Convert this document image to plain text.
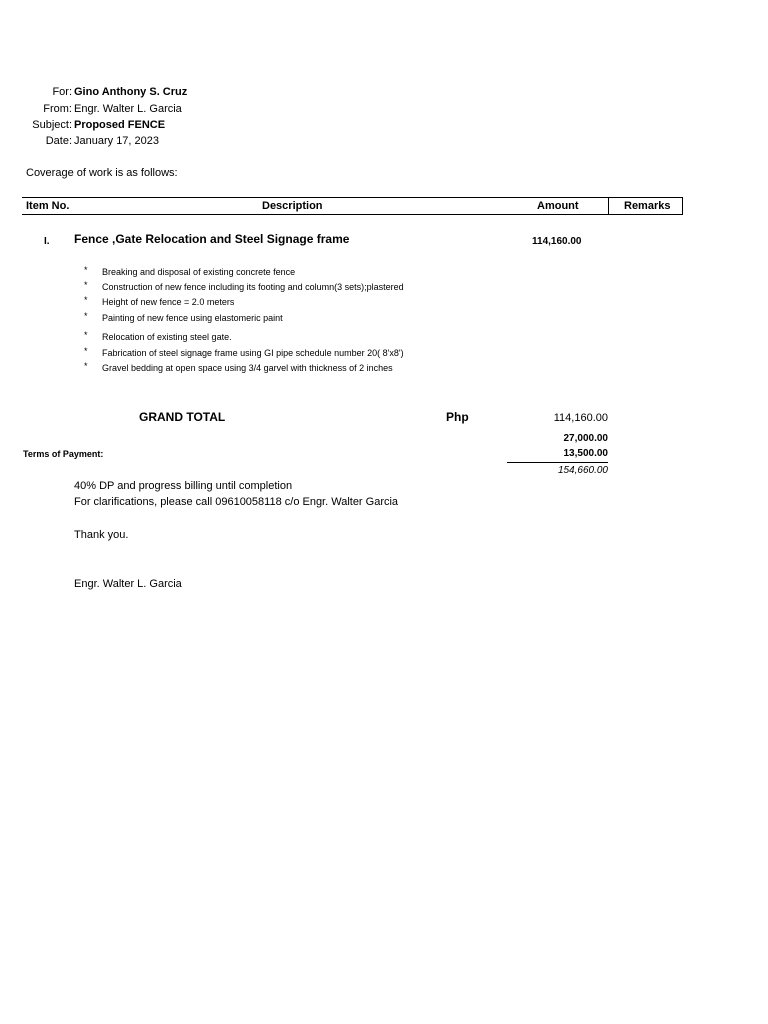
For: Gino Anthony S. Cruz
From: Engr. Walter L. Garcia
Subject: Proposed FENCE
Date: January 17, 2023
Coverage of work is as follows:
Item No.	Description	Amount	Remarks
I. Fence ,Gate Relocation and Steel Signage frame	114,160.00
* Breaking and disposal of existing concrete fence
* Construction of new fence including its footing and column(3 sets);plastered
* Height of new fence = 2.0 meters
* Painting of new fence using elastomeric paint
* Relocation of existing steel gate.
* Fabrication of steel signage frame using GI pipe schedule number 20( 8'x8')
* Gravel bedding at open space using 3/4 garvel with thickness of 2 inches
GRAND TOTAL	Php	114,160.00
27,000.00
Terms of Payment:	13,500.00
154,660.00
40% DP and progress billing until completion
For clarifications, please call 09610058118 c/o Engr. Walter Garcia
Thank you.
Engr. Walter L. Garcia
